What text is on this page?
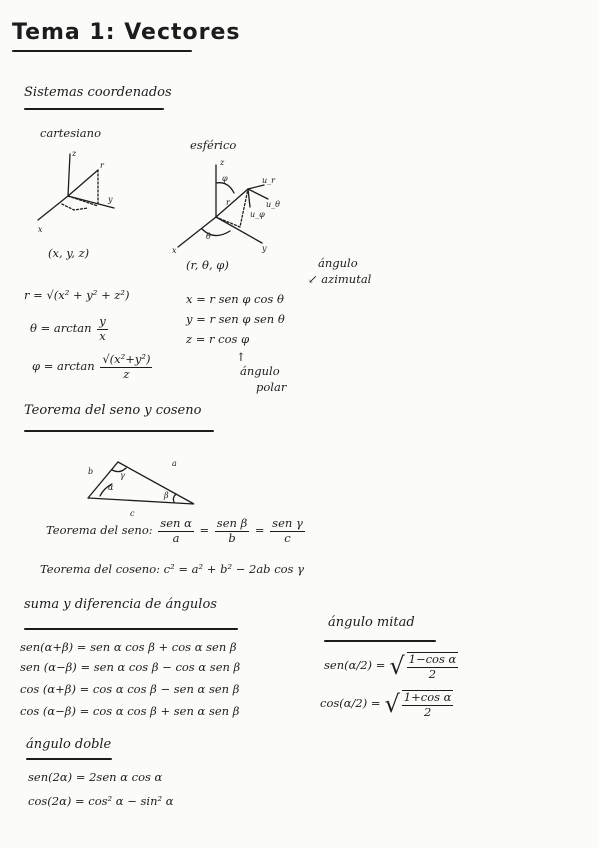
Tema 1: Vectores
Sistemas coordenados
cartesiano
z
r
y
x
(x, y, z)
esférico
z
φ	u_r
u_θ
u_φ
r
θ
y
x
(r, θ, φ)	ángulo
↙ azimutal
r = √(x² + y² + z²)
$\theta = \arctan \frac{y}{x}$
$\varphi = \arctan \frac{\text{√(x²+y²)}}{z}$
x = r sen φ cos θ
y = r sen φ sen θ
z = r cos φ
↑
ángulo
polar
Teorema del seno y coseno
b
a
c
γ
α
β
Teorema del seno: $\frac{\text{sen α}}{a} = \frac{\text{sen β}}{b} = \frac{\text{sen γ}}{c}$
Teorema del coseno: c² = a² + b² − 2ab cos γ
suma y diferencia de ángulos
sen(α+β) = sen α cos β + cos α sen β
sen (α−β) = sen α cos β − cos α sen β
cos (α+β) = cos α cos β − sen α sen β
cos (α−β) = cos α cos β + sen α sen β
ángulo doble
sen(2α) = 2sen α cos α
cos(2α) = cos² α − sin² α
ángulo mitad
sen(α/2) = √ $\frac{\text{1−cos α}}{2}$
cos(α/2) = √ $\frac{\text{1+cos α}}{2}$
